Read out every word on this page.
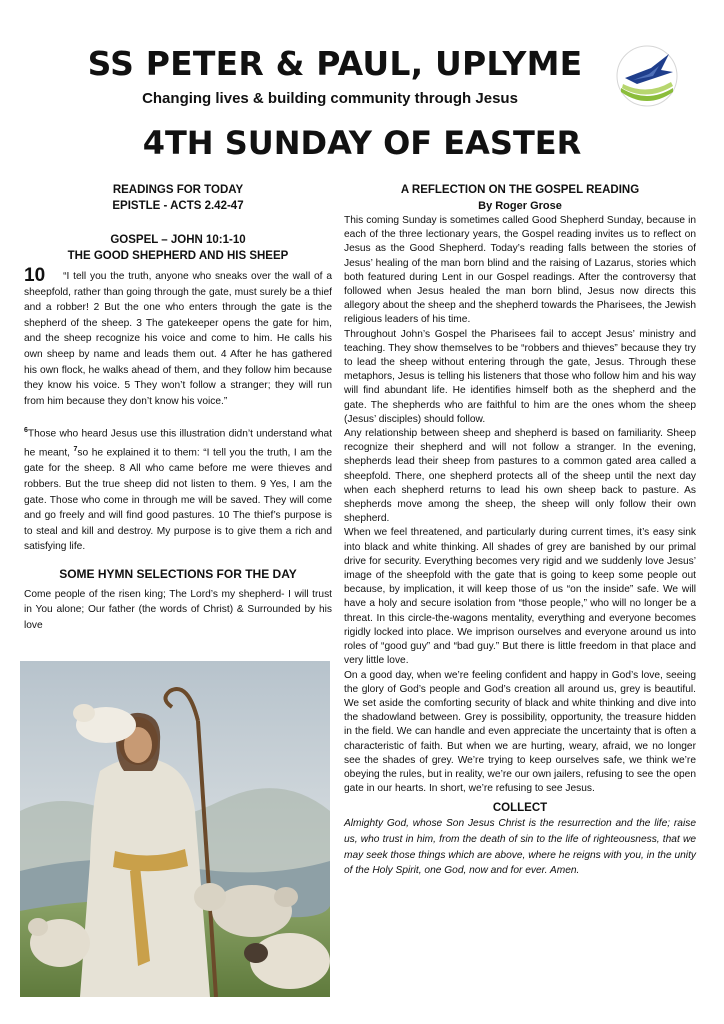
SS PETER & PAUL, UPLYME
Changing lives & building community through Jesus
4TH SUNDAY OF EASTER
READINGS FOR TODAY
EPISTLE - ACTS 2.42-47
GOSPEL – JOHN 10:1-10
THE GOOD SHEPHERD AND HIS SHEEP

10 “I tell you the truth, anyone who sneaks over the wall of a sheepfold, rather than going through the gate, must surely be a thief and a robber! 2 But the one who enters through the gate is the shepherd of the sheep. 3 The gatekeeper opens the gate for him, and the sheep recognize his voice and come to him. He calls his own sheep by name and leads them out. 4 After he has gathered his own flock, he walks ahead of them, and they follow him because they know his voice. 5 They won’t follow a stranger; they will run from him because they don’t know his voice.”

$^6$Those who heard Jesus use this illustration didn’t understand what he meant, $^7$so he explained it to them: “I tell you the truth, I am the gate for the sheep. 8 All who came before me were thieves and robbers. But the true sheep did not listen to them. 9 Yes, I am the gate. Those who come in through me will be saved. They will come and go freely and will find good pastures. 10 The thief’s purpose is to steal and kill and destroy. My purpose is to give them a rich and satisfying life.

SOME HYMN SELECTIONS FOR THE DAY
Come people of the risen king; The Lord’s my shepherd- I will trust in You alone; Our father (the words of Christ) & Surrounded by his love
A REFLECTION ON THE GOSPEL READING
By Roger Grose

This coming Sunday is sometimes called Good Shepherd Sunday, because in each of the three lectionary years, the Gospel reading invites us to reflect on Jesus as the Good Shepherd. Today’s reading falls between the stories of Jesus’ healing of the man born blind and the raising of Lazarus, stories which both featured during Lent in our Gospel readings. After the controversy that followed when Jesus healed the man born blind, Jesus now directs this allegory about the sheep and the shepherd towards the Pharisees, the Jewish religious leaders of his time.

Throughout John’s Gospel the Pharisees fail to accept Jesus’ ministry and teaching. They show themselves to be “robbers and thieves” because they try to lead the sheep without entering through the gate, Jesus. Through these metaphors, Jesus is telling his listeners that those who follow him and his way will find abundant life. He identifies himself both as the shepherd and the gate. The shepherds who are faithful to him are the ones whom the sheep (Jesus’ disciples) should follow.

Any relationship between sheep and shepherd is based on familiarity. Sheep recognize their shepherd and will not follow a stranger. In the evening, shepherds lead their sheep from pastures to a common gated area called a sheepfold. There, one shepherd protects all of the sheep until the next day when each shepherd returns to lead his own sheep back to pasture. As shepherds move among the sheep, the sheep will only follow their own shepherd.

When we feel threatened, and particularly during current times, it’s easy sink into black and white thinking. All shades of grey are banished by our primal drive for security. Everything becomes very rigid and we suddenly love Jesus’ image of the sheepfold with the gate that is going to keep some people out because, by implication, it will keep those of us “on the inside” safe. We will have a holy and secure isolation from “those people,” who will no longer be a threat. In this circle-the-wagons mentality, everything and everyone becomes rigidly locked into place. We imprison ourselves and everyone around us into roles of “good guy” and “bad guy.” But there is little freedom in that place and very little love.

On a good day, when we’re feeling confident and happy in God’s love, seeing the glory of God’s people and God’s creation all around us, grey is beautiful. We set aside the comforting security of black and white thinking and dive into the shadowland between. Grey is possibility, opportunity, the treasure hidden in the field. We can handle and even appreciate the uncertainty that is often a characteristic of faith. But when we are hurting, weary, afraid, we no longer see the shades of grey. We’re trying to keep ourselves safe, we think we’re obeying the rules, but in reality, we’re our own jailers, refusing to see the open gate in our hearts. In short, we’re refusing to see Jesus.

COLLECT
Almighty God, whose Son Jesus Christ is the resurrection and the life; raise us, who trust in him, from the death of sin to the life of righteousness, that we may seek those things which are above, where he reigns with you, in the unity of the Holy Spirit, one God, now and for ever. Amen.
